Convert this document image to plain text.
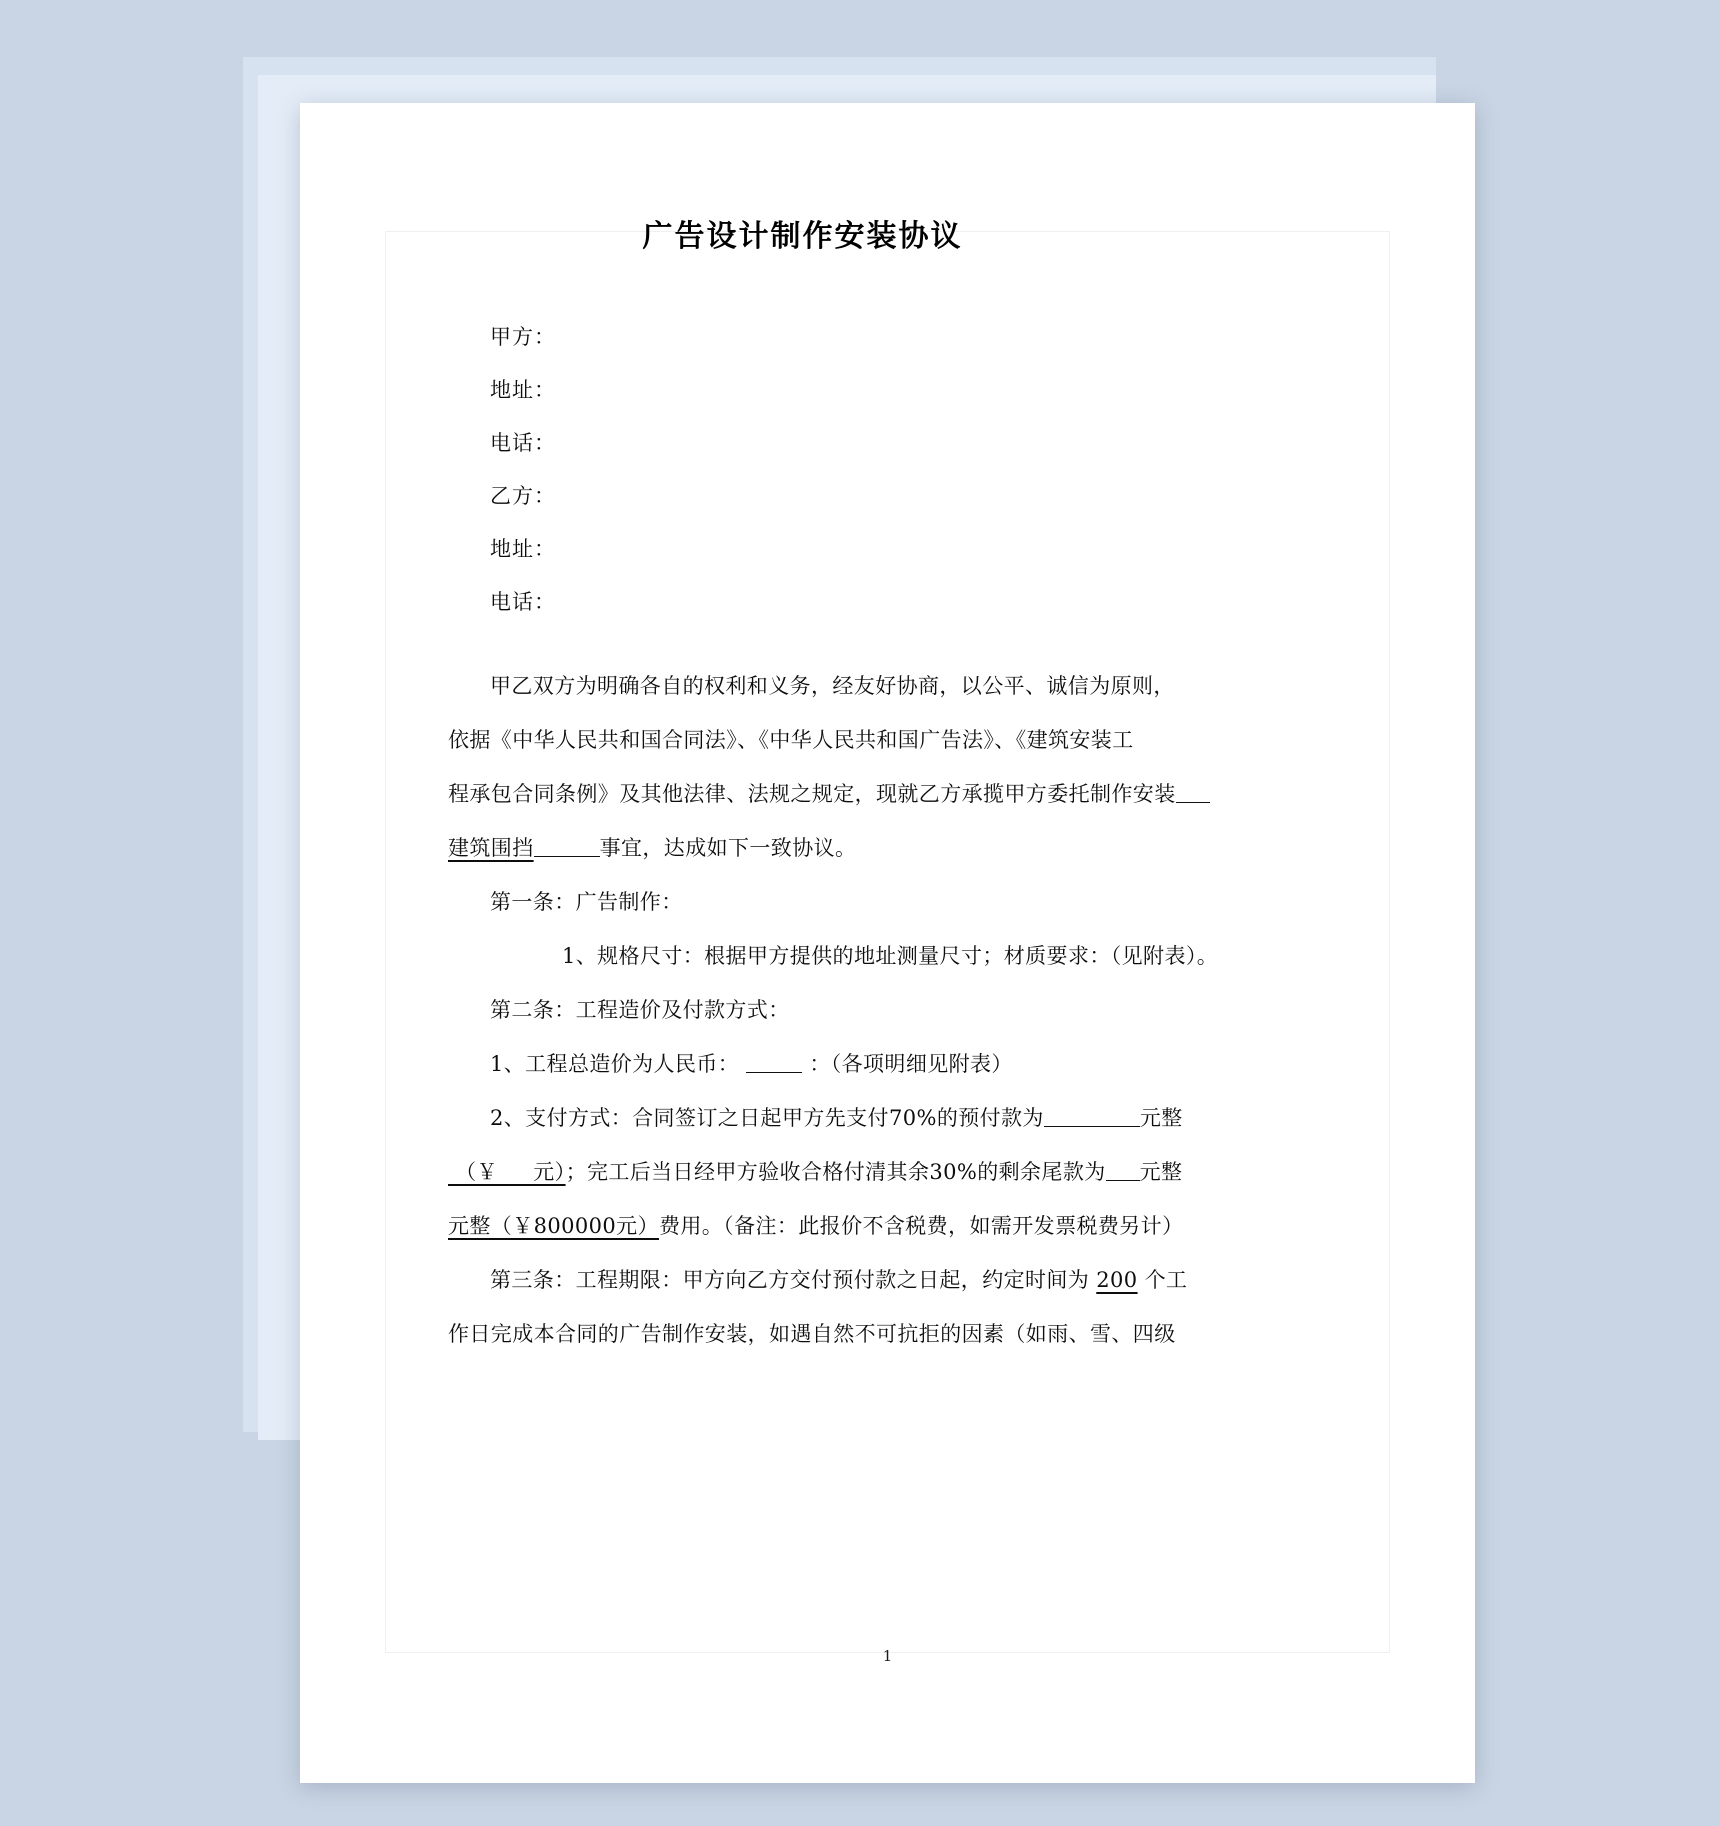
广告设计制作安装协议
甲方：
地址：
电话：
乙方：
地址：
电话：

甲乙双方为明确各自的权利和义务，经友好协商，以公平、诚信为原则，

依据《中华人民共和国合同法》、《中华人民共和国广告法》、《建筑安装工

程承包合同条例》及其他法律、法规之规定，现就乙方承揽甲方委托制作安装

建筑围挡	事宜，达成如下一致协议。

第一条：广告制作：

1、规格尺寸：根据甲方提供的地址测量尺寸；材质要求：（见附表）。

第二条：工程造价及付款方式：

1、工程总造价为人民币：	：（各项明细见附表）

2、支付方式：合同签订之日起甲方先支付70%的预付款为	元整

（￥     元）；完工后当日经甲方验收合格付清其余30%的剩余尾款为 元整

元整（￥800000元）费用。（备注：此报价不含税费，如需开发票税费另计）

第三条：工程期限：甲方向乙方交付预付款之日起，约定时间为 200 个工

作日完成本合同的广告制作安装，如遇自然不可抗拒的因素（如雨、雪、四级

1
